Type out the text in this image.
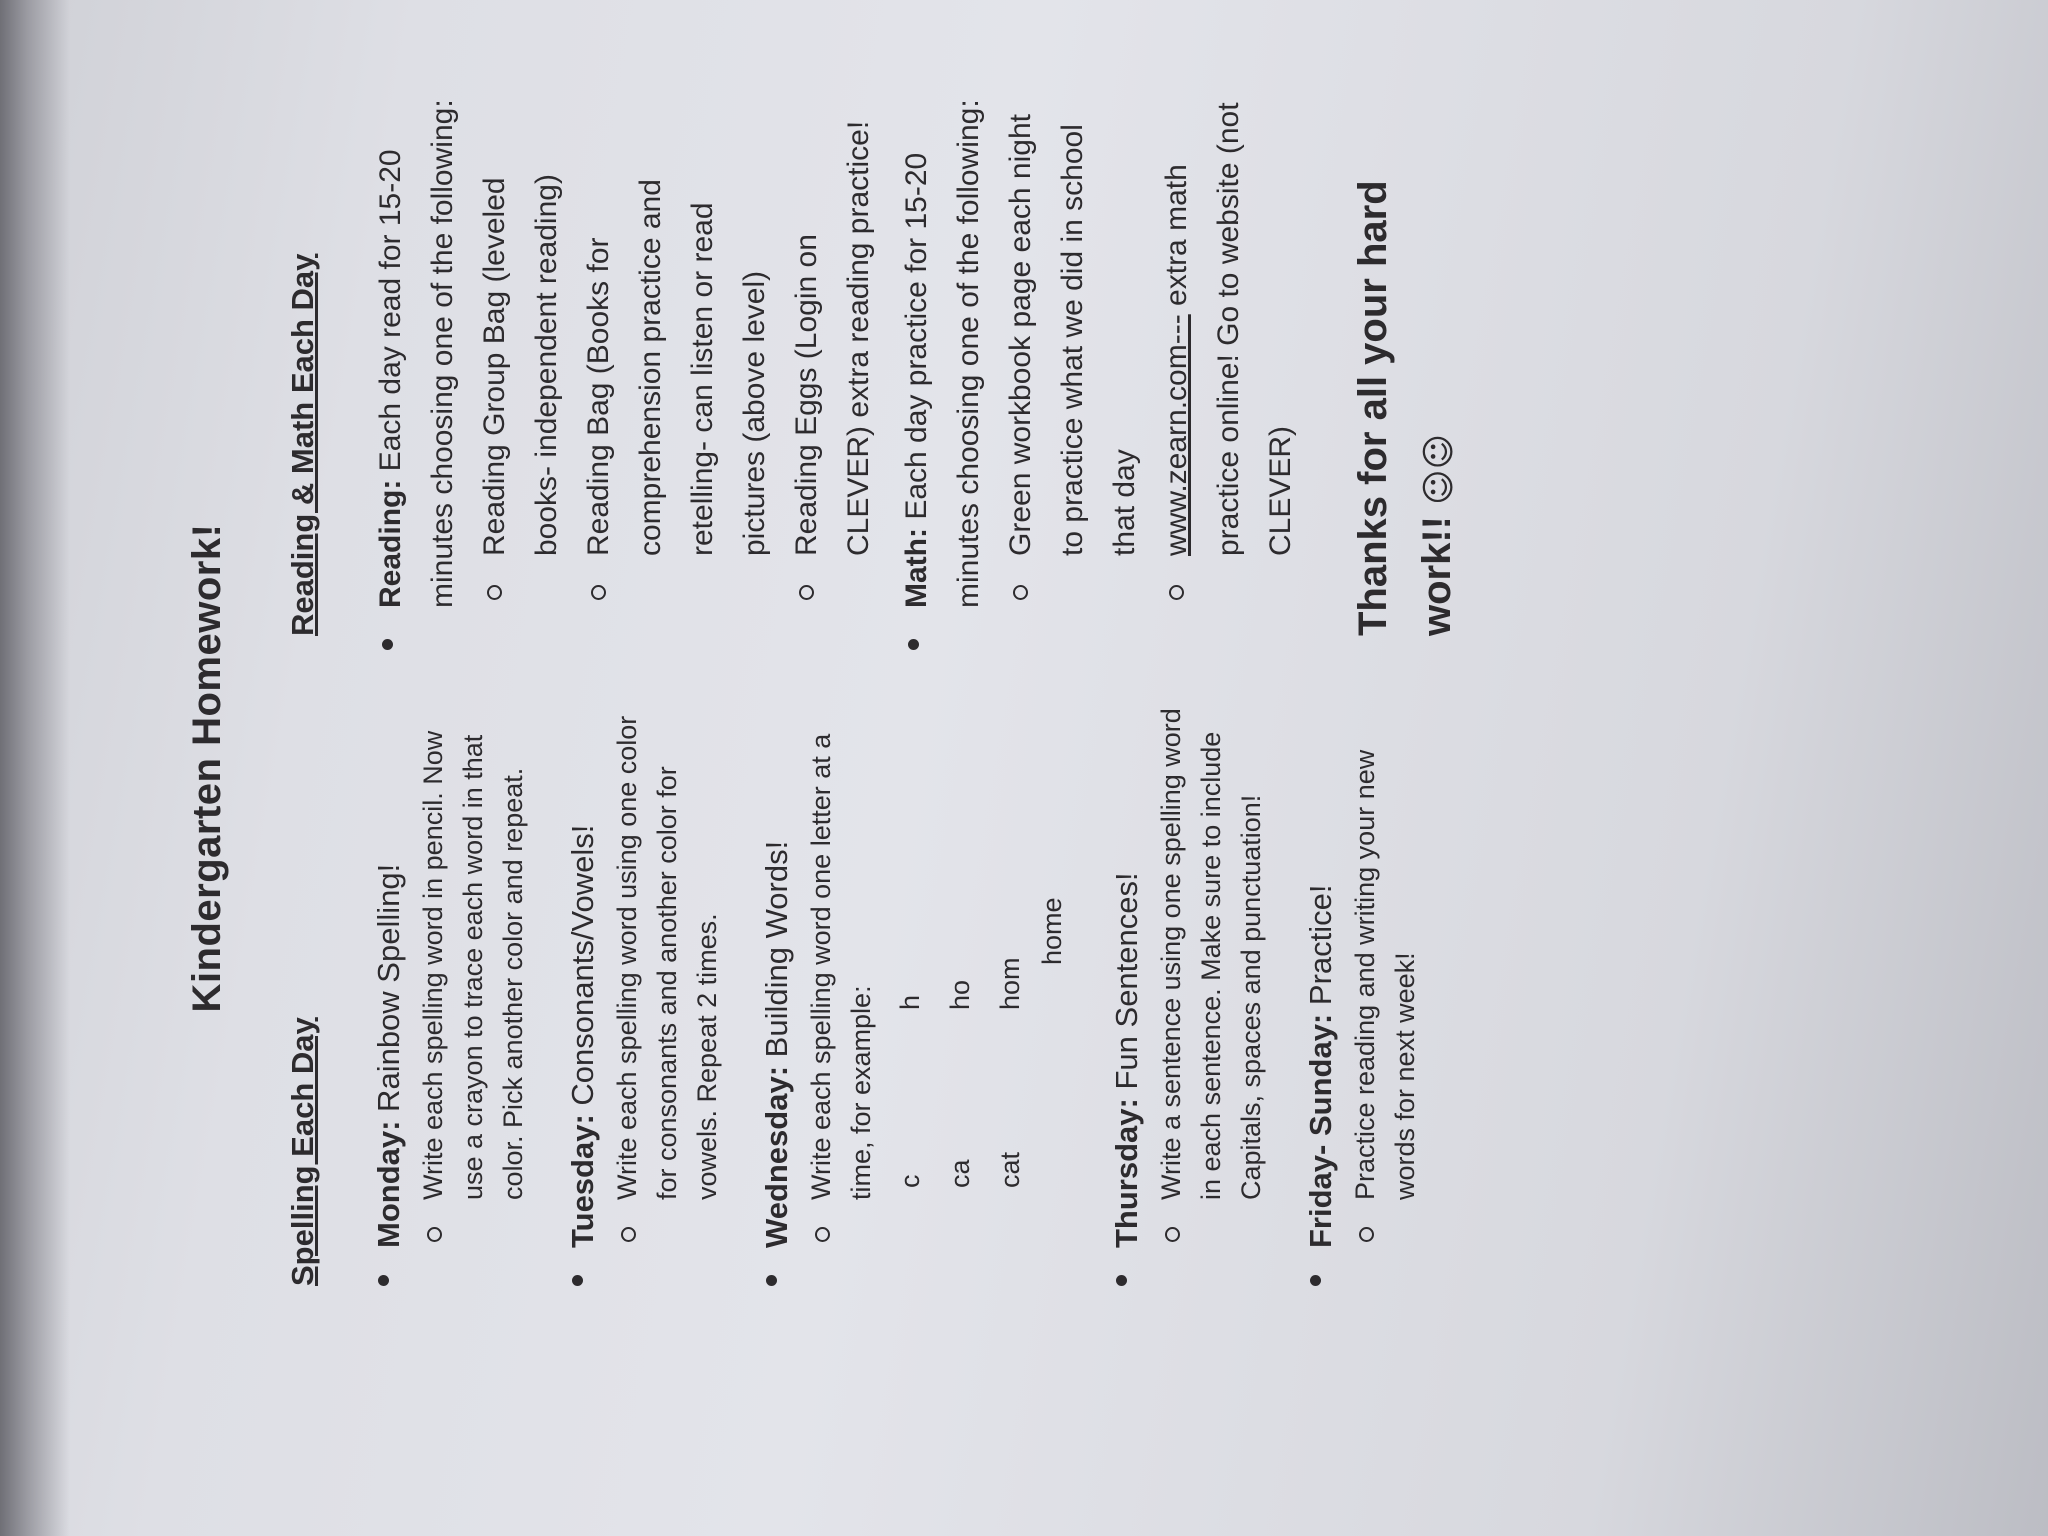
Kindergarten Homework!
Spelling Each Day Monday: Rainbow Spelling! Write each spelling word in pencil. Now use a crayon to trace each word in that color. Pick another color and repeat. Tuesday: Consonants/Vowels! Write each spelling word using one color for consonants and another color for vowels. Repeat 2 times. Wednesday: Building Words! Write each spelling word one letter at a time, for example: c ca cat
h ho hom
home
Thursday: Fun Sentences! Write a sentence using one spelling word in each sentence. Make sure to include Capitals, spaces and punctuation! Friday- Sunday: Practice! Practice reading and writing your new words for next week!
Reading & Math Each Day	Reading: Each day read for 15-20 minutes choosing one of the following: Reading Group Bag (leveled books- independent reading) Reading Bag (Books for comprehension practice and retelling- can listen or read pictures (above level) Reading Eggs (Login on CLEVER) extra reading practice!
Math: Each day practice for 15-20 minutes choosing one of the following: Green workbook page each night to practice what we did in school that day www.zearn.com--- extra math practice online! Go to website (not CLEVER) Thanks for all your hard work!! ☺☺
